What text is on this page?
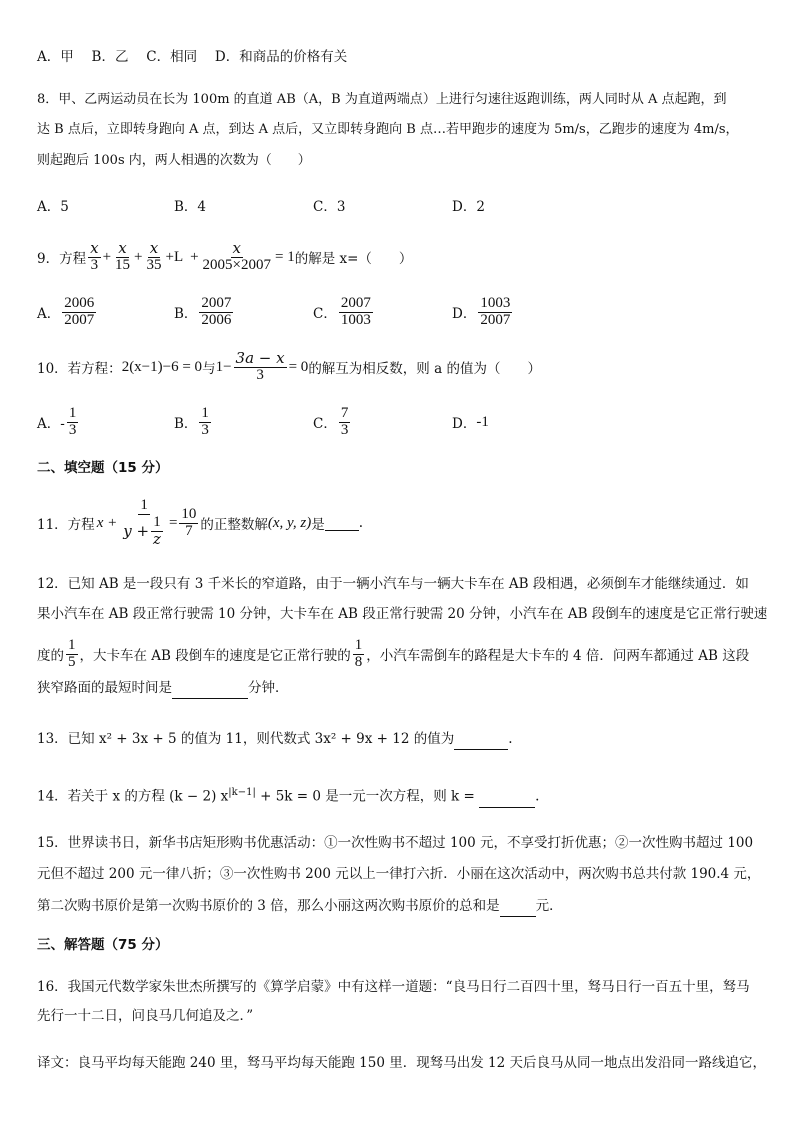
A．甲　 B．乙　 C．相同　 D．和商品的价格有关
8．甲、乙两运动员在长为 100m 的直道 AB（A，B 为直道两端点）上进行匀速往返跑训练，两人同时从 A 点起跑，到
达 B 点后，立即转身跑向 A 点，到达 A 点后，又立即转身跑向 B 点…若甲跑步的速度为 5m/s，乙跑步的速度为 4m/s，
则起跑后 100s 内，两人相遇的次数为（　　）
A．5	B．4	C．3	D．2
9．方程 $\frac{x}{3} + \frac{x}{15} + \frac{x}{35} +L + \frac{x}{2005\times 2007} = 1$ 的解是 x=（　　）
A． $\frac{2006}{2007}$	B． $\frac{2007}{2006}$	C． $\frac{2007}{1003}$	D． $\frac{1003}{2007}$
10．若方程： 2(x−1)−6 = 0 与 $1- \frac{3a - x}{3} = 0$ 的解互为相反数，则 a 的值为（　　）
A．- $\frac{1}{3}$	B． $\frac{1}{3}$	C． $\frac{7}{3}$	D． -1
二、填空题（15 分）
11．方程 $x + \frac{1}{y + \frac{1}{z}} = \frac{10}{7}$ 的正整数解 (x, y, z) 是	.
12．已知 AB 是一段只有 3 千米长的窄道路，由于一辆小汽车与一辆大卡车在 AB 段相遇，必须倒车才能继续通过．如
果小汽车在 AB 段正常行驶需 10 分钟，大卡车在 AB 段正常行驶需 20 分钟，小汽车在 AB 段倒车的速度是它正常行驶速
度的 $\frac{1}{5}$ ，大卡车在 AB 段倒车的速度是它正常行驶的 $\frac{1}{8}$ ，小汽车需倒车的路程是大卡车的 4 倍．问两车都通过 AB 这段
狭窄路面的最短时间是	分钟．
13．已知 x² + 3x + 5 的值为 11，则代数式 3x² + 9x + 12 的值为	.
14．若关于 x 的方程 (k − 2) $x^{|k-1|} + 5k = 0$ 是一元一次方程，则 k =	.
15．世界读书日，新华书店矩形购书优惠活动：①一次性购书不超过 100 元，不享受打折优惠；②一次性购书超过 100
元但不超过 200 元一律八折；③一次性购书 200 元以上一律打六折．小丽在这次活动中，两次购书总共付款 190.4 元，
第二次购书原价是第一次购书原价的 3 倍，那么小丽这两次购书原价的总和是	元．
三、解答题（75 分）
16．我国元代数学家朱世杰所撰写的《算学启蒙》中有这样一道题：“良马日行二百四十里，驽马日行一百五十里，驽马
先行一十二日，问良马几何追及之．”
译文：良马平均每天能跑 240 里，驽马平均每天能跑 150 里．现驽马出发 12 天后良马从同一地点出发沿同一路线追它，
